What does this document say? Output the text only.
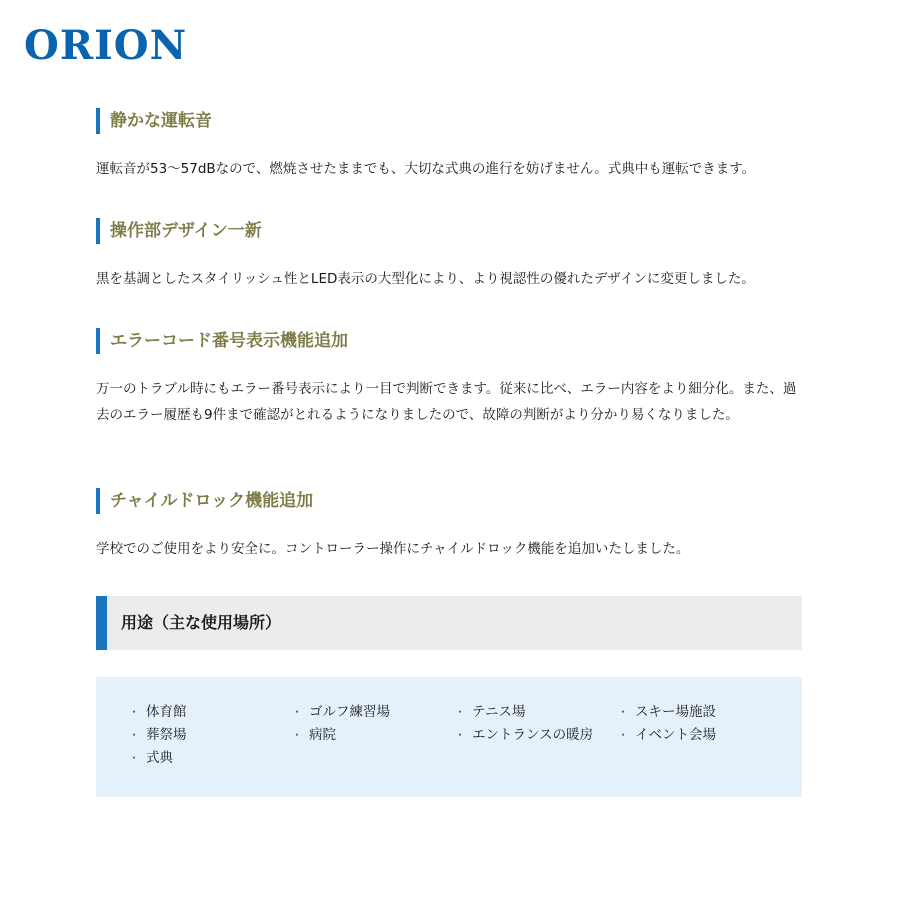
ORION
静かな運転音

運転音が53〜57dBなので、燃焼させたままでも、大切な式典の進行を妨げません。式典中も運転できます。

操作部デザイン一新

黒を基調としたスタイリッシュ性とLED表示の大型化により、より視認性の優れたデザインに変更しました。

エラーコード番号表示機能追加

万一のトラブル時にもエラー番号表示により一目で判断できます。従来に比べ、エラー内容をより細分化。また、過去のエラー履歴も9件まで確認がとれるようになりましたので、故障の判断がより分かり易くなりました。

チャイルドロック機能追加

学校でのご使用をより安全に。コントローラー操作にチャイルドロック機能を追加いたしました。

用途（主な使用場所）
・ 体育館	・ ゴルフ練習場	・ テニス場	・ スキー場施設
・ 葬祭場	・ 病院	・ エントランスの暖房	・ イベント会場
・ 式典
